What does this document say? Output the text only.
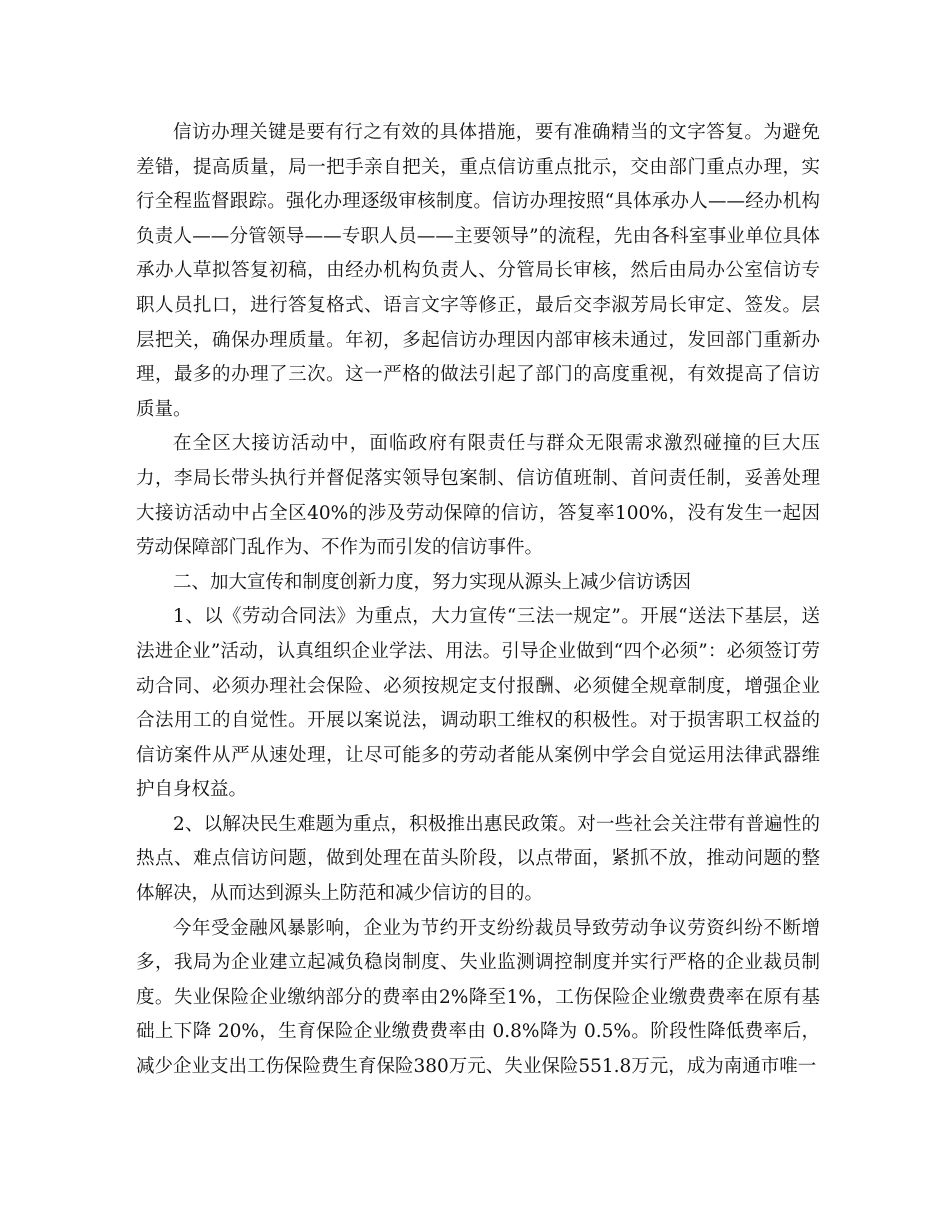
信访办理关键是要有行之有效的具体措施，要有准确精当的文字答复。为避免差错，提高质量，局一把手亲自把关，重点信访重点批示，交由部门重点办理，实行全程监督跟踪。强化办理逐级审核制度。信访办理按照“具体承办人——经办机构负责人——分管领导——专职人员——主要领导”的流程，先由各科室事业单位具体承办人草拟答复初稿，由经办机构负责人、分管局长审核，然后由局办公室信访专职人员扎口，进行答复格式、语言文字等修正，最后交李淑芳局长审定、签发。层层把关，确保办理质量。年初，多起信访办理因内部审核未通过，发回部门重新办理，最多的办理了三次。这一严格的做法引起了部门的高度重视，有效提高了信访质量。

在全区大接访活动中，面临政府有限责任与群众无限需求激烈碰撞的巨大压力，李局长带头执行并督促落实领导包案制、信访值班制、首问责任制，妥善处理大接访活动中占全区40%的涉及劳动保障的信访，答复率100%，没有发生一起因劳动保障部门乱作为、不作为而引发的信访事件。

二、加大宣传和制度创新力度，努力实现从源头上减少信访诱因

1、以《劳动合同法》为重点，大力宣传“三法一规定”。开展“送法下基层，送法进企业”活动，认真组织企业学法、用法。引导企业做到“四个必须”：必须签订劳动合同、必须办理社会保险、必须按规定支付报酬、必须健全规章制度，增强企业合法用工的自觉性。开展以案说法，调动职工维权的积极性。对于损害职工权益的信访案件从严从速处理，让尽可能多的劳动者能从案例中学会自觉运用法律武器维护自身权益。

2、以解决民生难题为重点，积极推出惠民政策。对一些社会关注带有普遍性的热点、难点信访问题，做到处理在苗头阶段，以点带面，紧抓不放，推动问题的整体解决，从而达到源头上防范和减少信访的目的。

今年受金融风暴影响，企业为节约开支纷纷裁员导致劳动争议劳资纠纷不断增多，我局为企业建立起减负稳岗制度、失业监测调控制度并实行严格的企业裁员制度。失业保险企业缴纳部分的费率由2%降至1%，工伤保险企业缴费费率在原有基础上下降 20%，生育保险企业缴费费率由 0.8%降为 0.5%。阶段性降低费率后，减少企业支出工伤保险费生育保险380万元、失业保险551.8万元，成为南通市唯一
